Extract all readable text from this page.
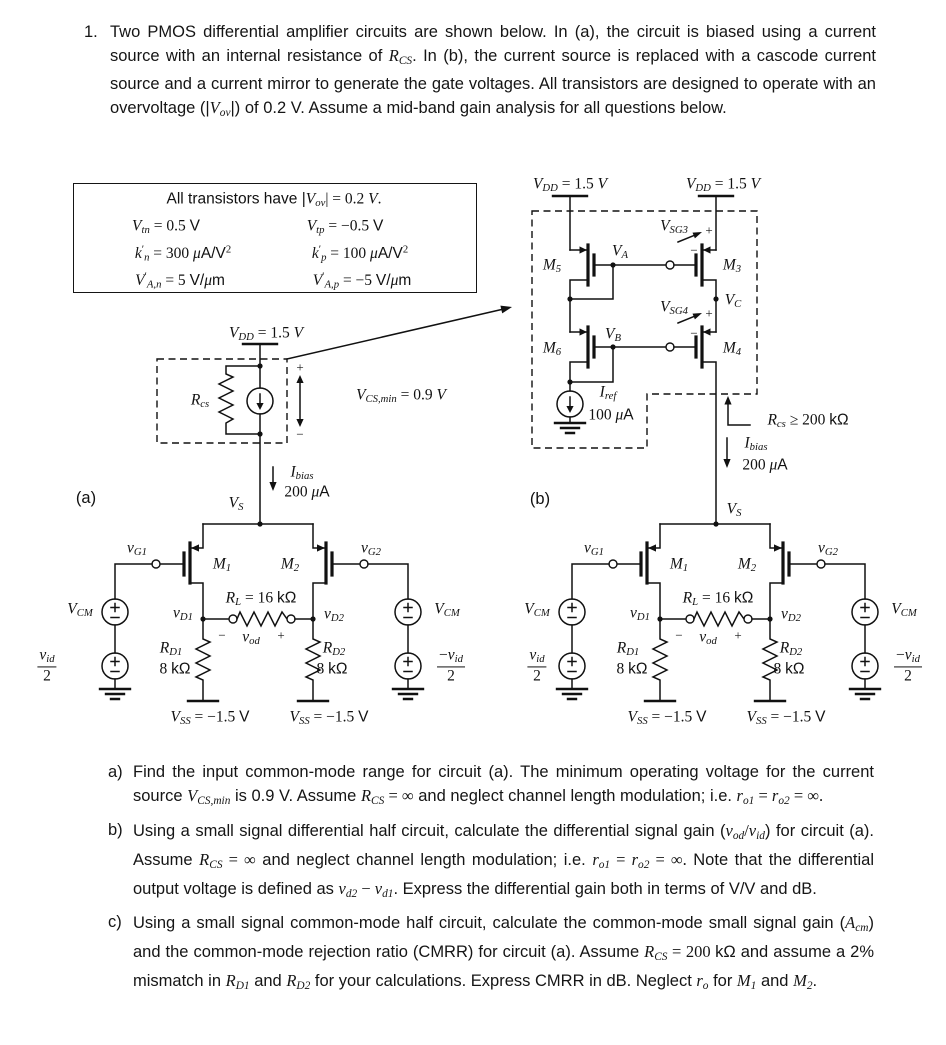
1. Two PMOS differential amplifier circuits are shown below. In (a), the circuit is biased using a current source with an internal resistance of RCS. In (b), the current source is replaced with a cascode current source and a current mirror to generate the gate voltages. All transistors are designed to operate with an overvoltage (|Vov|) of 0.2 V. Assume a mid-band gain analysis for all questions below.
All transistors have |Vov| = 0.2 V.
Vtn = 0.5 V	Vtp = −0.5 V
k′n = 300 $\mu A/V^2$	k′p = 100 $\mu A/V^2$
V′A,n = 5 V/μm	V′A,p = −5 V/μm
VDD = 1.5 V
Rcs
VCS,min = 0.9 V
+
−
Ibias
200 μA
VS
(a)
vG1
M1	M2
vG2
VCM	VCM
RL = 16 kΩ
vD1	vD2
− vod +
RD1
8 kΩ
RD2
8 kΩ
vid
2
−vid
2
VSS = −1.5 V	VSS = −1.5 V
VDD = 1.5 V	VDD = 1.5 V
M5
VA
VSG3 +
−
M3
VC
VSG4 +
−
M6
VB
M4
Iref
100 μA	Rcs ≥ 200 kΩ
Ibias
200 μA
VS
(b)
vG1
M1	M2
vG2
VCM	VCM
RL = 16 kΩ
vD1	vD2
− vod +
RD1
8 kΩ
RD2
8 kΩ
vid
2
−vid
2
VSS = −1.5 V	VSS = −1.5 V
a) Find the input common-mode range for circuit (a). The minimum operating voltage for the current source VCS,min is 0.9 V. Assume RCS = ∞ and neglect channel length modulation; i.e. ro1 = ro2 = ∞.
b) Using a small signal differential half circuit, calculate the differential signal gain (vod/vid) for circuit (a). Assume RCS = ∞ and neglect channel length modulation; i.e. ro1 = ro2 = ∞. Note that the differential output voltage is defined as vd2 − vd1. Express the differential gain both in terms of V/V and dB.
c) Using a small signal common-mode half circuit, calculate the common-mode small signal gain (Acm) and the common-mode rejection ratio (CMRR) for circuit (a). Assume RCS = 200 kΩ and assume a 2% mismatch in RD1 and RD2 for your calculations. Express CMRR in dB. Neglect ro for M1 and M2.
